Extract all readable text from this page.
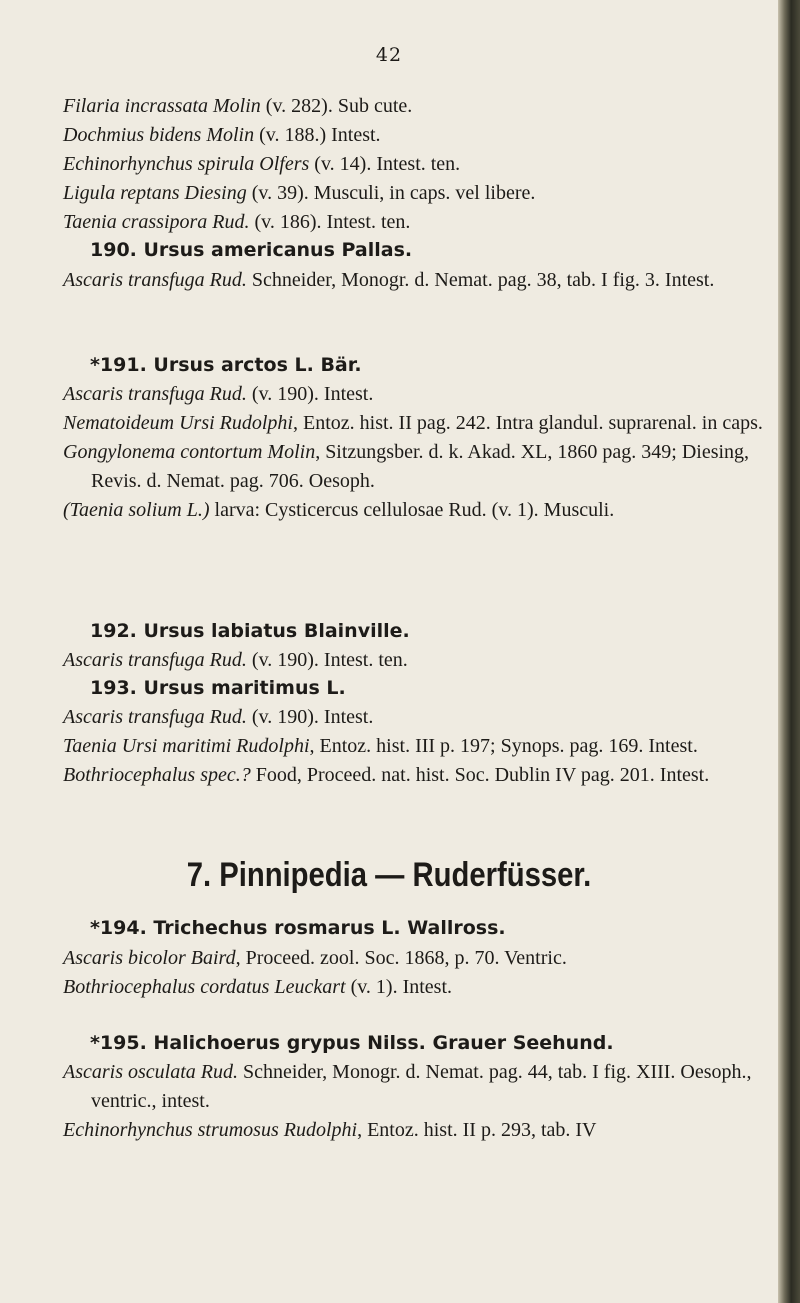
42
Filaria incrassata Molin (v. 282). Sub cute.
Dochmius bidens Molin (v. 188.) Intest.
Echinorhynchus spirula Olfers (v. 14). Intest. ten.
Ligula reptans Diesing (v. 39). Musculi, in caps. vel libere.
Taenia crassipora Rud. (v. 186). Intest. ten.
190. Ursus americanus Pallas.
Ascaris transfuga Rud. Schneider, Monogr. d. Nemat. pag. 38, tab. I fig. 3. Intest.
*191. Ursus arctos L. Bär.
Ascaris transfuga Rud. (v. 190). Intest.
Nematoideum Ursi Rudolphi, Entoz. hist. II pag. 242. Intra glandul. suprarenal. in caps.
Gongylonema contortum Molin, Sitzungsber. d. k. Akad. XL, 1860 pag. 349; Diesing, Revis. d. Nemat. pag. 706. Oesoph.
(Taenia solium L.) larva: Cysticercus cellulosae Rud. (v. 1). Musculi.
192. Ursus labiatus Blainville.
Ascaris transfuga Rud. (v. 190). Intest. ten.
193. Ursus maritimus L.
Ascaris transfuga Rud. (v. 190). Intest.
Taenia Ursi maritimi Rudolphi, Entoz. hist. III p. 197; Synops. pag. 169. Intest.
Bothriocephalus spec.? Food, Proceed. nat. hist. Soc. Dublin IV pag. 201. Intest.
7. Pinnipedia — Ruderfüsser.
*194. Trichechus rosmarus L. Wallross.
Ascaris bicolor Baird, Proceed. zool. Soc. 1868, p. 70. Ventric.
Bothriocephalus cordatus Leuckart (v. 1). Intest.
*195. Halichoerus grypus Nilss. Grauer Seehund.
Ascaris osculata Rud. Schneider, Monogr. d. Nemat. pag. 44, tab. I fig. XIII. Oesoph., ventric., intest.
Echinorhynchus strumosus Rudolphi, Entoz. hist. II p. 293, tab. IV
